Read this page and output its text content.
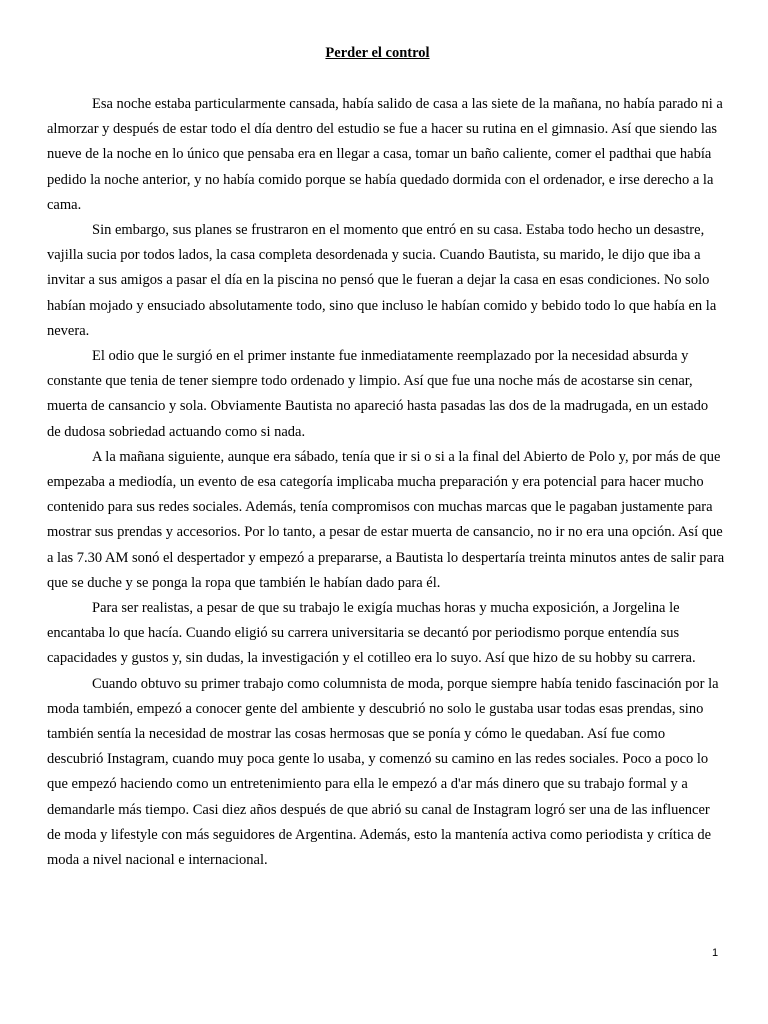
Perder el control

Esa noche estaba particularmente cansada, había salido de casa a las siete de la mañana, no había parado ni a almorzar y después de estar todo el día dentro del estudio se fue a hacer su rutina en el gimnasio. Así que siendo las nueve de la noche en lo único que pensaba era en llegar a casa, tomar un baño caliente, comer el padthai que había pedido la noche anterior, y no había comido porque se había quedado dormida con el ordenador, e irse derecho a la cama.

Sin embargo, sus planes se frustraron en el momento que entró en su casa. Estaba todo hecho un desastre, vajilla sucia por todos lados, la casa completa desordenada y sucia. Cuando Bautista, su marido, le dijo que iba a invitar a sus amigos a pasar el día en la piscina no pensó que le fueran a dejar la casa en esas condiciones. No solo habían mojado y ensuciado absolutamente todo, sino que incluso le habían comido y bebido todo lo que había en la nevera.

El odio que le surgió en el primer instante fue inmediatamente reemplazado por la necesidad absurda y constante que tenia de tener siempre todo ordenado y limpio. Así que fue una noche más de acostarse sin cenar, muerta de cansancio y sola. Obviamente Bautista no apareció hasta pasadas las dos de la madrugada, en un estado de dudosa sobriedad actuando como si nada.

A la mañana siguiente, aunque era sábado, tenía que ir si o si a la final del Abierto de Polo y, por más de que empezaba a mediodía, un evento de esa categoría implicaba mucha preparación y era potencial para hacer mucho contenido para sus redes sociales. Además, tenía compromisos con muchas marcas que le pagaban justamente para mostrar sus prendas y accesorios. Por lo tanto, a pesar de estar muerta de cansancio, no ir no era una opción. Así que a las 7.30 AM sonó el despertador y empezó a prepararse, a Bautista lo despertaría treinta minutos antes de salir para que se duche y se ponga la ropa que también le habían dado para él.

Para ser realistas, a pesar de que su trabajo le exigía muchas horas y mucha exposición, a Jorgelina le encantaba lo que hacía. Cuando eligió su carrera universitaria se decantó por periodismo porque entendía sus capacidades y gustos y, sin dudas, la investigación y el cotilleo era lo suyo. Así que hizo de su hobby su carrera.

Cuando obtuvo su primer trabajo como columnista de moda, porque siempre había tenido fascinación por la moda también, empezó a conocer gente del ambiente y descubrió no solo le gustaba usar todas esas prendas, sino también sentía la necesidad de mostrar las cosas hermosas que se ponía y cómo le quedaban. Así fue como descubrió Instagram, cuando muy poca gente lo usaba, y comenzó su camino en las redes sociales. Poco a poco lo que empezó haciendo como un entretenimiento para ella le empezó a d'ar más dinero que su trabajo formal y a demandarle más tiempo. Casi diez años después de que abrió su canal de Instagram logró ser una de las influencer de moda y lifestyle con más seguidores de Argentina. Además, esto la mantenía activa como periodista y crítica de moda a nivel nacional e internacional.

1
